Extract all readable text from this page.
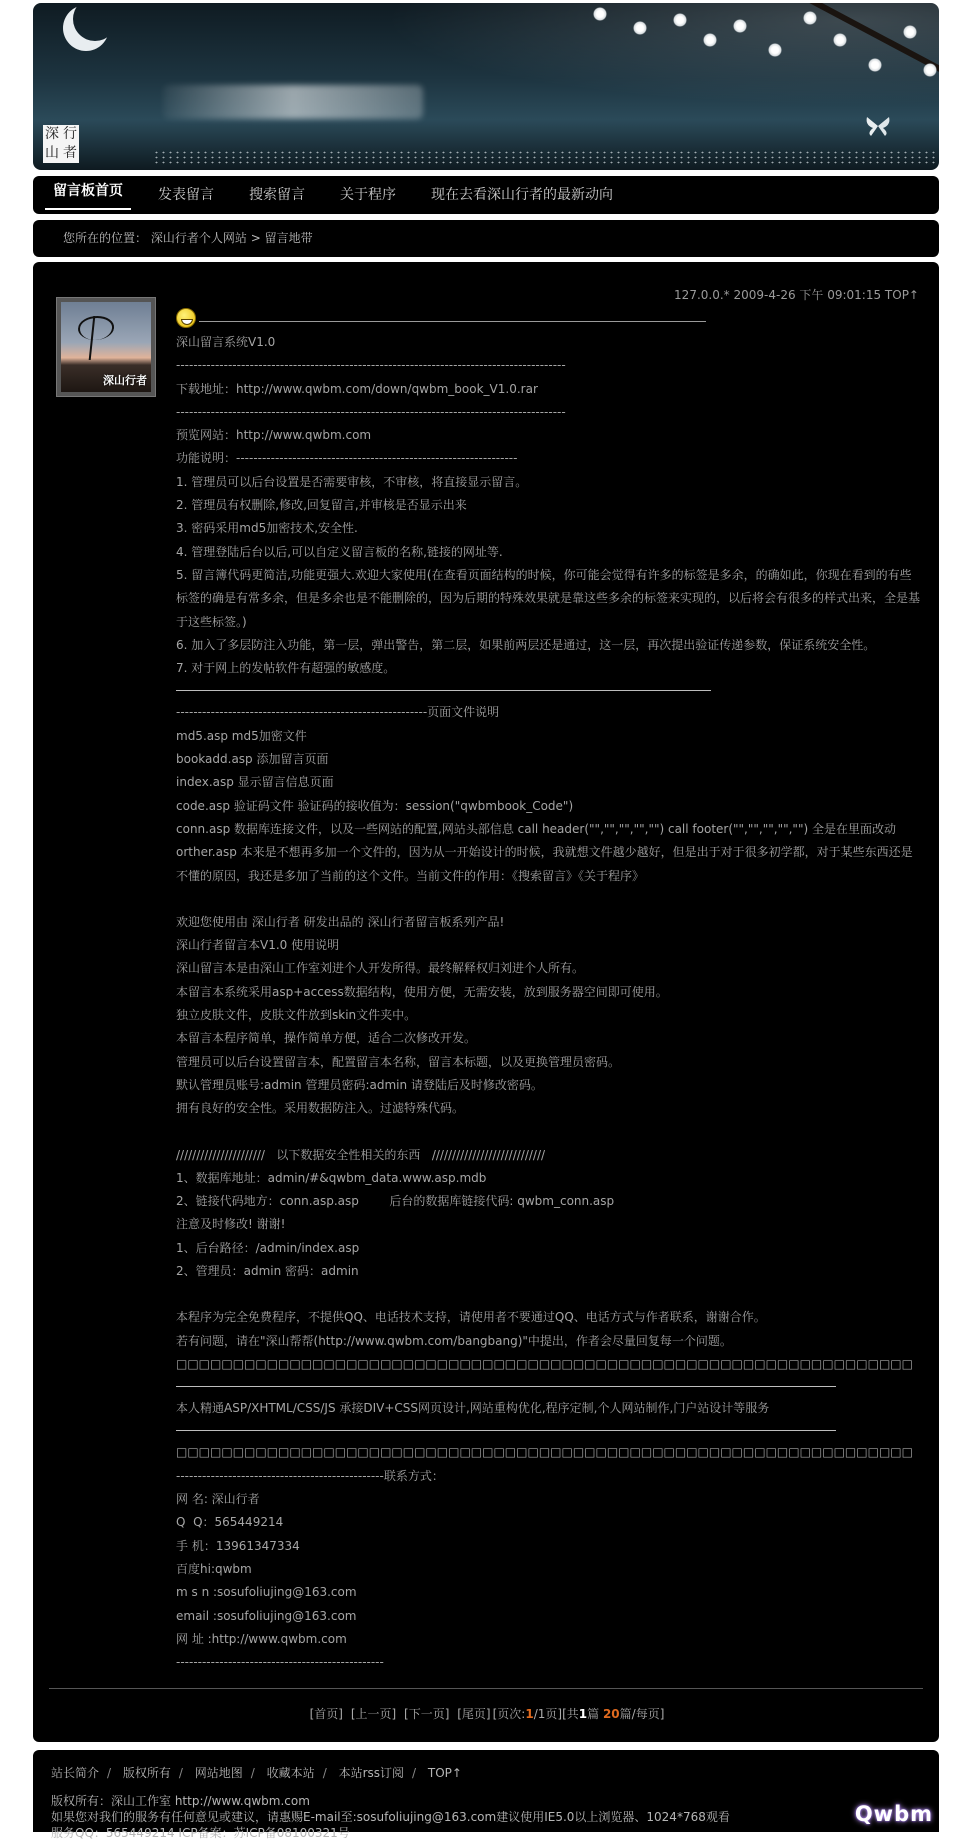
深 行
山 者
留言板首页	发表留言	搜索留言	关于程序	现在去看深山行者的最新动向
您所在的位置： 深山行者个人网站 > 留言地带
深山行者
127.0.0.* 2009-4-26 下午 09:01:15 TOP↑
深山留言系统V1.0
------------------------------------------------------------------------------------------
下载地址：http://www.qwbm.com/down/qwbm_book_V1.0.rar
------------------------------------------------------------------------------------------
预览网站：http://www.qwbm.com
功能说明：-----------------------------------------------------------------
1. 管理员可以后台设置是否需要审核，不审核，将直接显示留言。
2. 管理员有权删除,修改,回复留言,并审核是否显示出来
3. 密码采用md5加密技术,安全性.
4. 管理登陆后台以后,可以自定义留言板的名称,链接的网址等.
5. 留言簿代码更简洁,功能更强大.欢迎大家使用(在查看页面结构的时候，你可能会觉得有许多的标签是多余，的确如此，你现在看到的有些标签的确是有常多余，但是多余也是不能删除的，因为后期的特殊效果就是靠这些多余的标签来实现的，以后将会有很多的样式出来，全是基于这些标签。)
6. 加入了多层防注入功能，第一层，弹出警告，第二层，如果前两层还是通过，这一层，再次提出验证传递参数，保证系统安全性。
7. 对于网上的发帖软件有超强的敏感度。
----------------------------------------------------------页面文件说明
md5.asp md5加密文件
bookadd.asp 添加留言页面
index.asp 显示留言信息页面
code.asp 验证码文件 验证码的接收值为：session("qwbmbook_Code")
conn.asp 数据库连接文件，以及一些网站的配置,网站头部信息 call header("","","","","") call footer("","","","","") 全是在里面改动
orther.asp 本来是不想再多加一个文件的，因为从一开始设计的时候，我就想文件越少越好，但是出于对于很多初学都，对于某些东西还是不懂的原因，我还是多加了当前的这个文件。当前文件的作用：《搜索留言》《关于程序》
欢迎您使用由 深山行者 研发出品的 深山行者留言板系列产品!
深山行者留言本V1.0 使用说明
深山留言本是由深山工作室刘进个人开发所得。最终解释权归刘进个人所有。
本留言本系统采用asp+access数据结构，使用方便，无需安装，放到服务器空间即可使用。
独立皮肤文件，皮肤文件放到skin文件夹中。
本留言本程序简单，操作简单方便，适合二次修改开发。
管理员可以后台设置留言本，配置留言本名称，留言本标题，以及更换管理员密码。
默认管理员账号:admin 管理员密码:admin 请登陆后及时修改密码。
拥有良好的安全性。采用数据防注入。过滤特殊代码。
//////////////////////   以下数据安全性相关的东西   ////////////////////////////
1、数据库地址：admin/#&qwbm_data.www.asp.mdb
2、链接代码地方：conn.asp.asp        后台的数据库链接代码: qwbm_conn.asp
注意及时修改! 谢谢!
1、后台路径：/admin/index.asp
2、管理员：admin 密码：admin
本程序为完全免费程序，不提供QQ、电话技术支持，请使用者不要通过QQ、电话方式与作者联系，谢谢合作。
若有问题，请在"深山帮帮(http://www.qwbm.com/bangbang)"中提出，作者会尽量回复每一个问题。
□□□□□□□□□□□□□□□□□□□□□□□□□□□□□□□□□□□□□□□□□□□□□□□□□□□□□□□□□□□□□□□□□
本人精通ASP/XHTML/CSS/JS 承接DIV+CSS网页设计,网站重构优化,程序定制,个人网站制作,门户站设计等服务
□□□□□□□□□□□□□□□□□□□□□□□□□□□□□□□□□□□□□□□□□□□□□□□□□□□□□□□□□□□□□□□□□
------------------------------------------------联系方式：
网 名: 深山行者
Q  Q：565449214
手 机：13961347334
百度hi:qwbm
m s n :sosufoliujing@163.com
email :sosufoliujing@163.com
网 址 :http://www.qwbm.com
------------------------------------------------
[首页] [上一页] [下一页] [尾页] [页次:1/1页][共1篇 20篇/每页]
站长简介 / 版权所有 / 网站地图 / 收藏本站 / 本站rss订阅 / TOP↑
版权所有：深山工作室 http://www.qwbm.com
如果您对我们的服务有任何意见或建议，请惠赐E-mail至:sosufoliujing@163.com建议使用IE5.0以上浏览器、1024*768观看
服务QQ：565449214 ICP备案：苏ICP备08100321号
Qwbm
